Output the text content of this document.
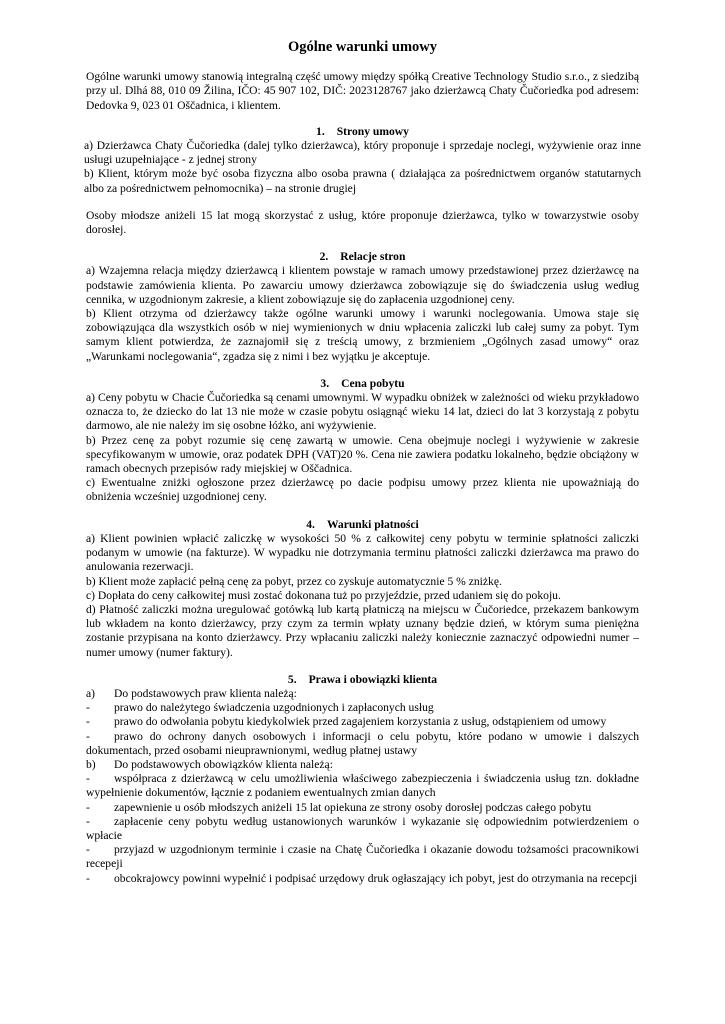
Ogólne warunki umowy

Ogólne warunki umowy stanowią integralną część umowy między spółką Creative Technology Studio s.r.o., z siedzibą przy ul. Dlhá 88, 010 09 Žilina, IČO: 45 907 102, DIČ: 2023128767 jako dzierżawcą Chaty Čučoriedka pod adresem: Dedovka 9, 023 01 Oščadnica, i klientem.

1. Strony umowy

a) Dzierżawca Chaty Čučoriedka (dalej tylko dzierżawca), który proponuje i sprzedaje noclegi, wyżywienie oraz inne usługi uzupełniające - z jednej strony

b) Klient, którym może być osoba fizyczna albo osoba prawna ( działająca za pośrednictwem organów statutarnych albo za pośrednictwem pełnomocnika) – na stronie drugiej

Osoby młodsze aniżeli 15 lat mogą skorzystać z usług, które proponuje dzierżawca, tylko w towarzystwie osoby dorosłej.

2. Relacje stron

a) Wzajemna relacja między dzierżawcą i klientem powstaje w ramach umowy przedstawionej przez dzierżawcę na podstawie zamówienia klienta. Po zawarciu umowy dzierżawca zobowiązuje się do świadczenia usług według cennika, w uzgodnionym zakresie, a klient zobowiązuje się do zapłacenia uzgodnionej ceny.

b) Klient otrzyma od dzierżawcy także ogólne warunki umowy i warunki noclegowania. Umowa staje się zobowiązująca dla wszystkich osób w niej wymienionych w dniu wpłacenia zaliczki lub całej sumy za pobyt. Tym samym klient potwierdza, że zaznajomił się z treścią umowy, z brzmieniem „Ogólnych zasad umowy“ oraz „Warunkami noclegowania“, zgadza się z nimi i bez wyjątku je akceptuje.

3. Cena pobytu

a) Ceny pobytu w Chacie Čučoriedka są cenami umownymi. W wypadku obniżek w zależności od wieku przykładowo oznacza to, że dziecko do lat 13 nie może w czasie pobytu osiągnąć wieku 14 lat, dzieci do lat 3 korzystają z pobytu darmowo, ale nie należy im się osobne łóżko, ani wyżywienie.

b) Przez cenę za pobyt rozumie się cenę zawartą w umowie. Cena obejmuje noclegi i wyżywienie w zakresie specyfikowanym w umowie, oraz podatek DPH (VAT)20 %. Cena nie zawiera podatku lokalneho, będzie obciążony w ramach obecnych przepisów rady miejskiej w Oščadnica.

c) Ewentualne zniżki ogłoszone przez dzierżawcę po dacie podpisu umowy przez klienta nie upoważniają do obniżenia wcześniej uzgodnionej ceny.

4. Warunki płatności

a) Klient powinien wpłacić zaliczkę w wysokości 50 % z całkowitej ceny pobytu w terminie spłatności zaliczki podanym w umowie (na fakturze). W wypadku nie dotrzymania terminu płatności zaliczki dzierżawca ma prawo do anulowania rezerwacji.

b) Klient może zapłacić pełną cenę za pobyt, przez co zyskuje automatycznie 5 % zniżkę.

c) Dopłata do ceny całkowitej musi zostać dokonana tuż po przyjeździe, przed udaniem się do pokoju.

d) Płatność zaliczki można uregulować gotówką lub kartą płatniczą na miejscu w Čučoriedce, przekazem bankowym lub wkładem na konto dzierżawcy, przy czym za termin wpłaty uznany będzie dzień, w którym suma pieniężna zostanie przypisana na konto dzierżawcy. Przy wpłacaniu zaliczki należy koniecznie zaznaczyć odpowiedni numer – numer umowy (numer faktury).

5. Prawa i obowiązki klienta
a)	Do podstawowych praw klienta należą:
-	prawo do należytego świadczenia uzgodnionych i zapłaconych usług
-	prawo do odwołania pobytu kiedykolwiek przed zagajeniem korzystania z usług, odstąpieniem od umowy

- prawo do ochrony danych osobowych i informacji o celu pobytu, które podano w umowie i dalszych dokumentach, przed osobami nieuprawnionymi, według płatnej ustawy

b)	Do podstawowych obowiązków klienta należą:

- współpraca z dzierżawcą w celu umożliwienia właściwego zabezpieczenia i świadczenia usług tzn. dokładne wypełnienie dokumentów, łącznie z podaniem ewentualnych zmian danych

-	zapewnienie u osób młodszych aniżeli 15 lat opiekuna ze strony osoby dorosłej podczas całego pobytu

- zapłacenie ceny pobytu według ustanowionych warunków i wykazanie się odpowiednim potwierdzeniem o wpłacie

- przyjazd w uzgodnionym terminie i czasie na Chatę Čučoriedka i okazanie dowodu tożsamości pracownikowi recepeji

- obcokrajowcy powinni wypełnić i podpisać urzędowy druk ogłaszający ich pobyt, jest do otrzymania na recepcji
